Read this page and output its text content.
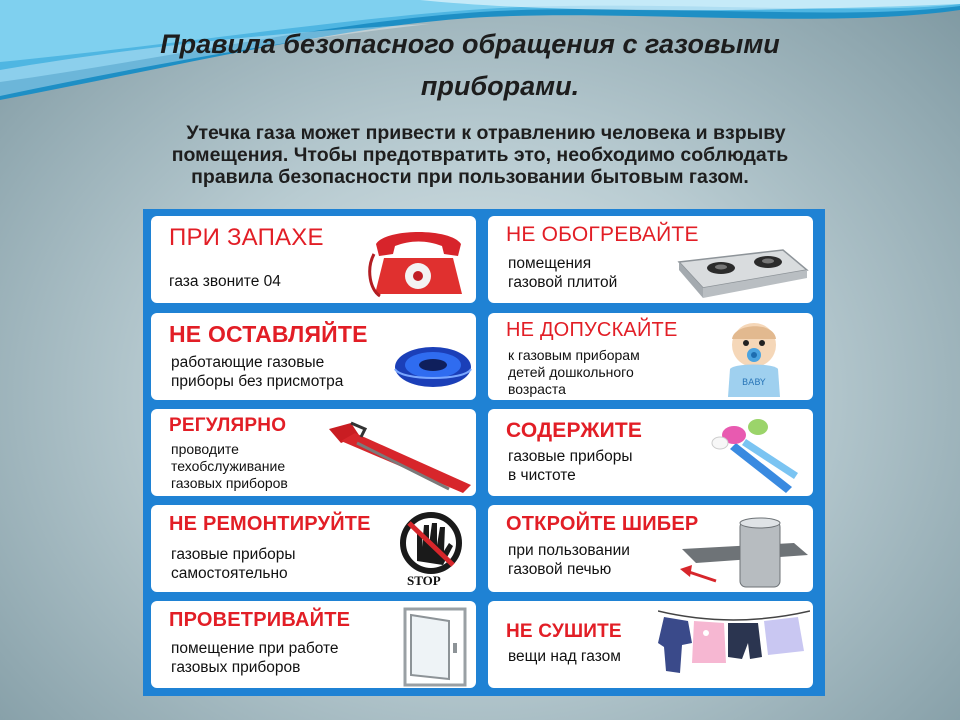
Правила безопасного обращения с газовыми
приборами.
Утечка газа может привести к отравлению человека и взрыву
помещения. Чтобы предотвратить это, необходимо соблюдать
правила безопасности при пользовании бытовым газом.
ПРИ ЗАПАХЕ
газа звоните 04
НЕ ОБОГРЕВАЙТЕ
помещения
газовой плитой
НЕ ОСТАВЛЯЙТЕ
работающие газовые
приборы без присмотра
НЕ ДОПУСКАЙТЕ
к газовым приборам
детей дошкольного
возраста	BABY
РЕГУЛЯРНО
проводите
техобслуживание
газовых приборов
СОДЕРЖИТЕ
газовые приборы
в чистоте
НЕ РЕМОНТИРУЙТЕ
газовые приборы
самостоятельно	STOP
ОТКРОЙТЕ ШИБЕР
при пользовании
газовой печью
ПРОВЕТРИВАЙТЕ
помещение при работе
газовых приборов
НЕ СУШИТЕ
вещи над газом
